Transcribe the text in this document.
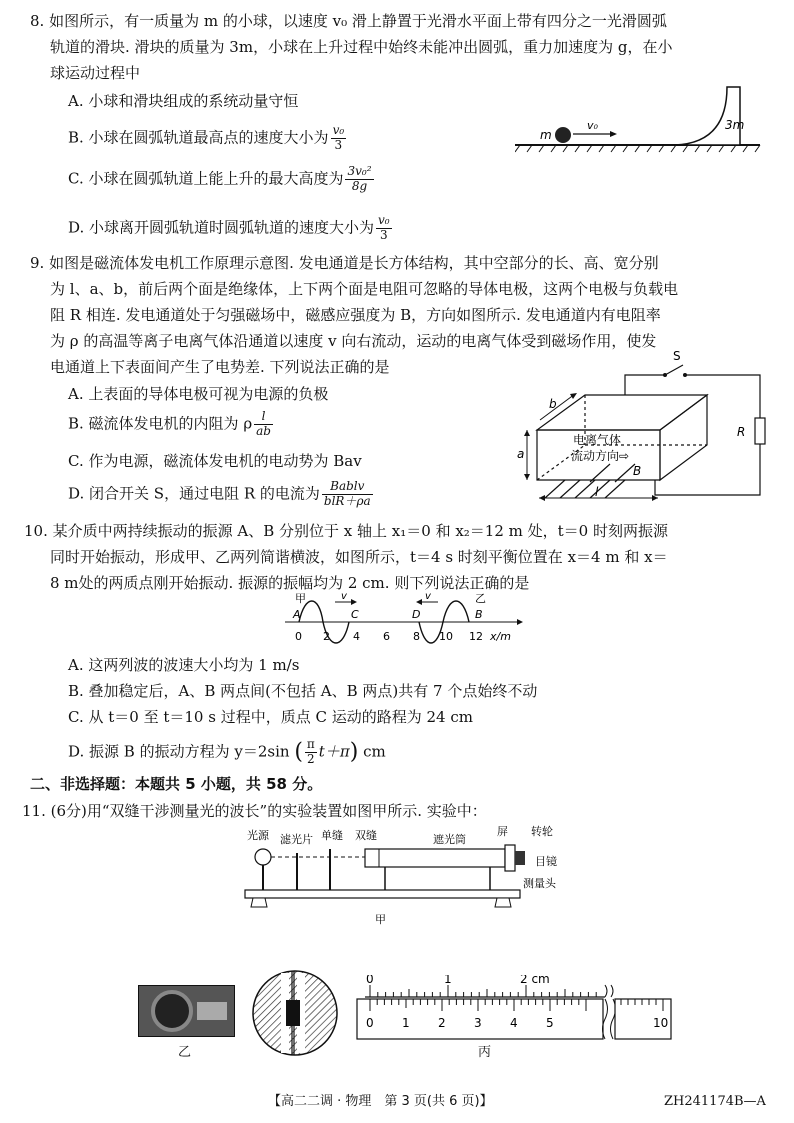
8. 如图所示，有一质量为 m 的小球，以速度 v₀ 滑上静置于光滑水平面上带有四分之一光滑圆弧
轨道的滑块. 滑块的质量为 3m，小球在上升过程中始终未能冲出圆弧，重力加速度为 g，在小
球运动过程中
A. 小球和滑块组成的系统动量守恒
B. 小球在圆弧轨道最高点的速度大小为 $\frac{\text{v₀}}{3}$
C. 小球在圆弧轨道上能上升的最大高度为 $\frac{\text{3v₀²}}{8g}$
D. 小球离开圆弧轨道时圆弧轨道的速度大小为 $\frac{\text{v₀}}{3}$
m
v₀	3m
9. 如图是磁流体发电机工作原理示意图. 发电通道是长方体结构，其中空部分的长、高、宽分别
为 l、a、b，前后两个面是绝缘体，上下两个面是电阻可忽略的导体电极，这两个电极与负载电
阻 R 相连. 发电通道处于匀强磁场中，磁感应强度为 B，方向如图所示. 发电通道内有电阻率
为 ρ 的高温等离子电离气体沿通道以速度 v 向右流动，运动的电离气体受到磁场作用，使发
电通道上下表面间产生了电势差. 下列说法正确的是
A. 上表面的导体电极可视为电源的负极
B. 磁流体发电机的内阻为 ρ $\frac{l}{ab}$
C. 作为电源，磁流体发电机的电动势为 Bav
D. 闭合开关 S，通过电阻 R 的电流为 $\frac{\text{Bablv}}{\text{blR＋ρa}}$
S
R
电离气体
流动方向⇨
B
a
b
l
10. 某介质中两持续振动的振源 A、B 分别位于 x 轴上 x₁＝0 和 x₂＝12 m 处，t＝0 时刻两振源
同时开始振动，形成甲、乙两列简谐横波，如图所示，t＝4 s 时刻平衡位置在 x＝4 m 和 x＝
8 m处的两质点刚开始振动. 振源的振幅均为 2 cm. 则下列说法正确的是
甲	乙
A	C	D	B
v	v
0 2 4 6 8 10 12 x/m
A. 这两列波的波速大小均为 1 m/s
B. 叠加稳定后，A、B 两点间(不包括 A、B 两点)共有 7 个点始终不动
C. 从 t＝0 至 t＝10 s 过程中，质点 C 运动的路程为 24 cm
D. 振源 B 的振动方程为 y＝2sin ( $\frac{\pi}{2} t+\pi$) cm
二、非选择题：本题共 5 小题，共 58 分。
11. (6分)用“双缝干涉测量光的波长”的实验装置如图甲所示. 实验中：
光源 滤光片 单缝 双缝	遮光筒
屏 转轮
目镜
测量头
甲
乙
0	1	2 cm
0 1 2 3 4 5	10
丙
【高二二调 · 物理　第 3 页(共 6 页)】	ZH241174B—A
